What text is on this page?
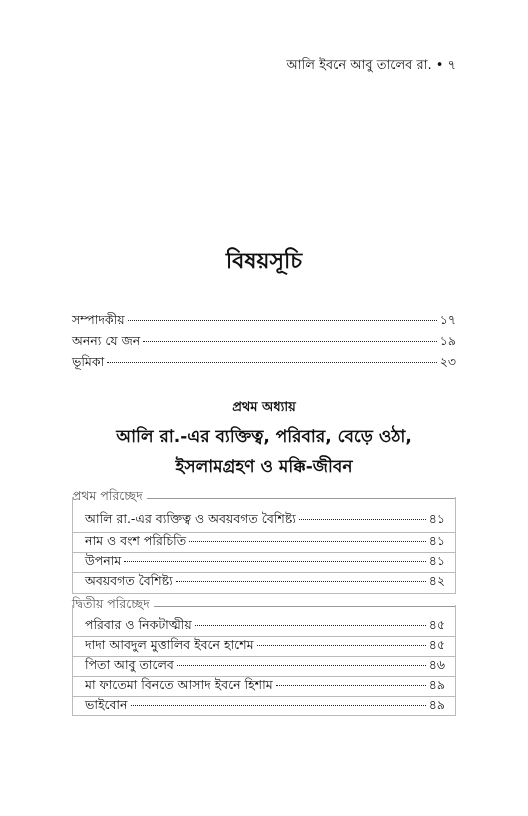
আলি ইবনে আবু তালেব রা. • ৭
বিষয়সূচি
সম্পাদকীয়	১৭
অনন্য যে জন	১৯
ভূমিকা	২৩
প্রথম অধ্যায়
আলি রা.-এর ব্যক্তিত্ব, পরিবার, বেড়ে ওঠা,
ইসলামগ্রহণ ও মক্কি-জীবন
প্রথম পরিচ্ছেদ
আলি রা.-এর ব্যক্তিত্ব ও অবয়বগত বৈশিষ্ট্য	৪১
নাম ও বংশ পরিচিতি	৪১
উপনাম	৪১
অবয়বগত বৈশিষ্ট্য	৪২
দ্বিতীয় পরিচ্ছেদ
পরিবার ও নিকটাত্মীয়	৪৫
দাদা আবদুল মুত্তালিব ইবনে হাশেম	৪৫
পিতা আবু তালেব	৪৬
মা ফাতেমা বিনতে আসাদ ইবনে হিশাম	৪৯
ভাইবোন	৪৯
